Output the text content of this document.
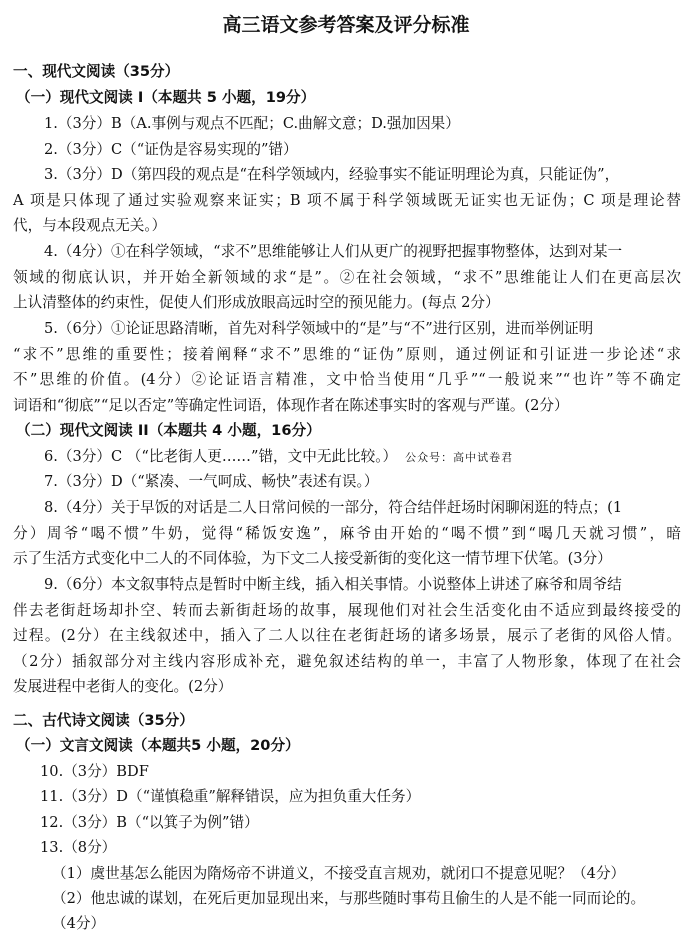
高三语文参考答案及评分标准
一、现代文阅读（35分）
（一）现代文阅读 I（本题共 5 小题，19分）
1.（3分）B（A.事例与观点不匹配；C.曲解文意；D.强加因果）
2.（3分）C（“证伪是容易实现的”错）
3.（3分）D（第四段的观点是“在科学领域内，经验事实不能证明理论为真，只能证伪”，
A 项是只体现了通过实验观察来证实；B 项不属于科学领域既无证实也无证伪；C 项是理论替
代，与本段观点无关。）
4.（4分）①在科学领域，“求不”思维能够让人们从更广的视野把握事物整体，达到对某一
领域的彻底认识，并开始全新领域的求“是”。②在社会领域，“求不”思维能让人们在更高层次
上认清整体的约束性，促使人们形成放眼高远时空的预见能力。(每点 2分）
5.（6分）①论证思路清晰，首先对科学领域中的“是”与“不”进行区别，进而举例证明
“求不”思维的重要性；接着阐释“求不”思维的“证伪”原则，通过例证和引证进一步论述“求
不”思维的价值。(4分）②论证语言精准，文中恰当使用“几乎”“一般说来”“也许”等不确定
词语和“彻底”“足以否定”等确定性词语，体现作者在陈述事实时的客观与严谨。(2分）
（二）现代文阅读 II（本题共 4 小题，16分）
6.（3分）C （“比老街人更……”错，文中无此比较。） 公众号：高中试卷君
7.（3分）D（“紧凑、一气呵成、畅快”表述有误。）
8.（4分）关于早饭的对话是二人日常问候的一部分，符合结伴赶场时闲聊闲逛的特点；(1
分）周爷“喝不惯”牛奶，觉得“稀饭安逸”，麻爷由开始的“喝不惯”到“喝几天就习惯”，暗
示了生活方式变化中二人的不同体验，为下文二人接受新街的变化这一情节埋下伏笔。(3分）
9.（6分）本文叙事特点是暂时中断主线，插入相关事情。小说整体上讲述了麻爷和周爷结
伴去老街赶场却扑空、转而去新街赶场的故事，展现他们对社会生活变化由不适应到最终接受的
过程。(2分）在主线叙述中，插入了二人以往在老街赶场的诸多场景，展示了老街的风俗人情。
（2分）插叙部分对主线内容形成补充，避免叙述结构的单一，丰富了人物形象，体现了在社会
发展进程中老街人的变化。(2分）
二、古代诗文阅读（35分）
（一）文言文阅读（本题共5 小题，20分）
10.（3分）BDF
11.（3分）D（“谨慎稳重”解释错误，应为担负重大任务）
12.（3分）B（“以箕子为例”错）
13.（8分）
（1）虞世基怎么能因为隋炀帝不讲道义，不接受直言规劝，就闭口不提意见呢？（4分）
（2）他忠诚的谋划，在死后更加显现出来，与那些随时事苟且偷生的人是不能一同而论的。
（4分）
